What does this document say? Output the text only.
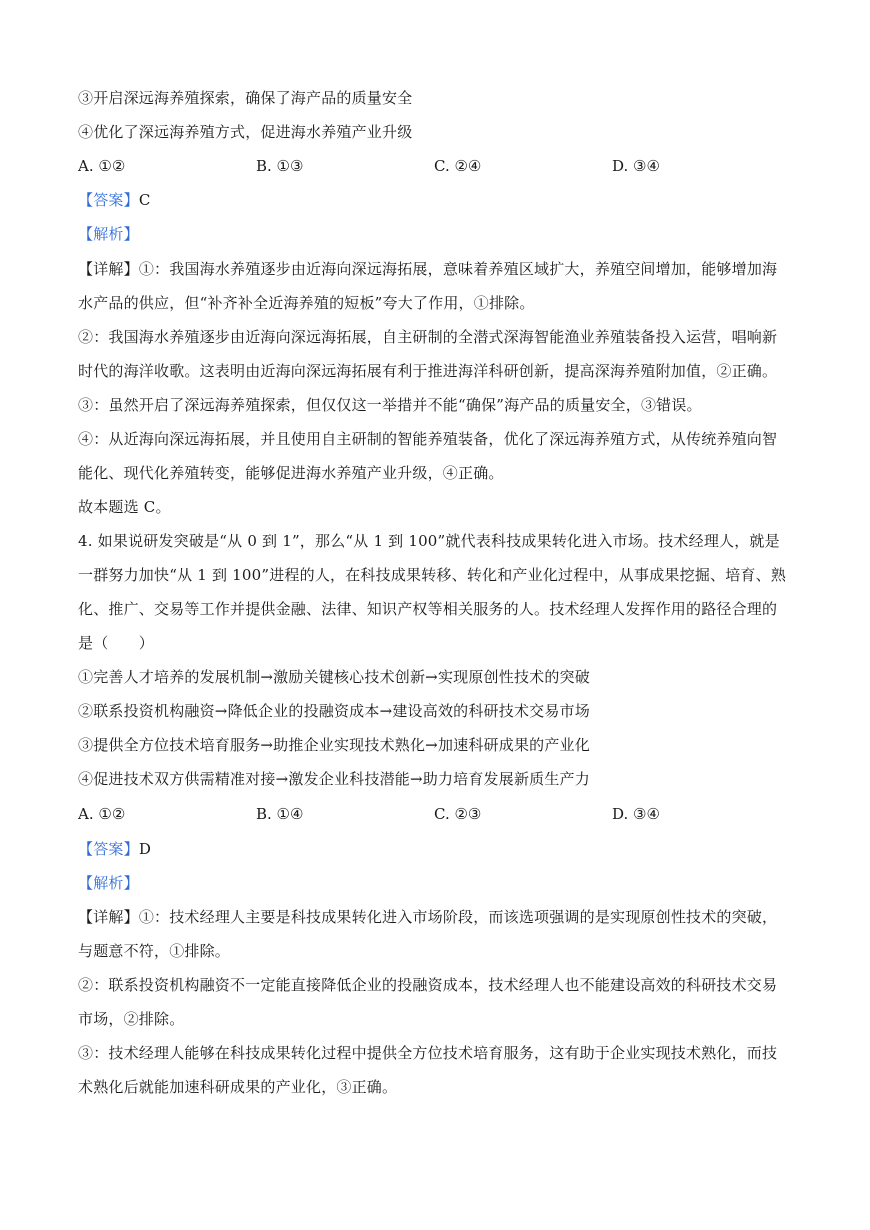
③开启深远海养殖探索，确保了海产品的质量安全
④优化了深远海养殖方式，促进海水养殖产业升级
A. ①②	B. ①③	C. ②④	D. ③④
【答案】C
【解析】
【详解】①：我国海水养殖逐步由近海向深远海拓展，意味着养殖区域扩大，养殖空间增加，能够增加海
水产品的供应，但“补齐补全近海养殖的短板”夸大了作用，①排除。
②：我国海水养殖逐步由近海向深远海拓展，自主研制的全潜式深海智能渔业养殖装备投入运营，唱响新
时代的海洋收歌。这表明由近海向深远海拓展有利于推进海洋科研创新，提高深海养殖附加值，②正确。
③：虽然开启了深远海养殖探索，但仅仅这一举措并不能“确保”海产品的质量安全，③错误。
④：从近海向深远海拓展，并且使用自主研制的智能养殖装备，优化了深远海养殖方式，从传统养殖向智
能化、现代化养殖转变，能够促进海水养殖产业升级，④正确。
故本题选 C。
4. 如果说研发突破是“从 0 到 1”，那么“从 1 到 100”就代表科技成果转化进入市场。技术经理人，就是
一群努力加快“从 1 到 100”进程的人，在科技成果转移、转化和产业化过程中，从事成果挖掘、培育、熟
化、推广、交易等工作并提供金融、法律、知识产权等相关服务的人。技术经理人发挥作用的路径合理的
是（　　）
①完善人才培养的发展机制→激励关键核心技术创新→实现原创性技术的突破
②联系投资机构融资→降低企业的投融资成本→建设高效的科研技术交易市场
③提供全方位技术培育服务→助推企业实现技术熟化→加速科研成果的产业化
④促进技术双方供需精准对接→激发企业科技潜能→助力培育发展新质生产力
A. ①②	B. ①④	C. ②③	D. ③④
【答案】D
【解析】
【详解】①：技术经理人主要是科技成果转化进入市场阶段，而该选项强调的是实现原创性技术的突破，
与题意不符，①排除。
②：联系投资机构融资不一定能直接降低企业的投融资成本，技术经理人也不能建设高效的科研技术交易
市场，②排除。
③：技术经理人能够在科技成果转化过程中提供全方位技术培育服务，这有助于企业实现技术熟化，而技
术熟化后就能加速科研成果的产业化，③正确。
